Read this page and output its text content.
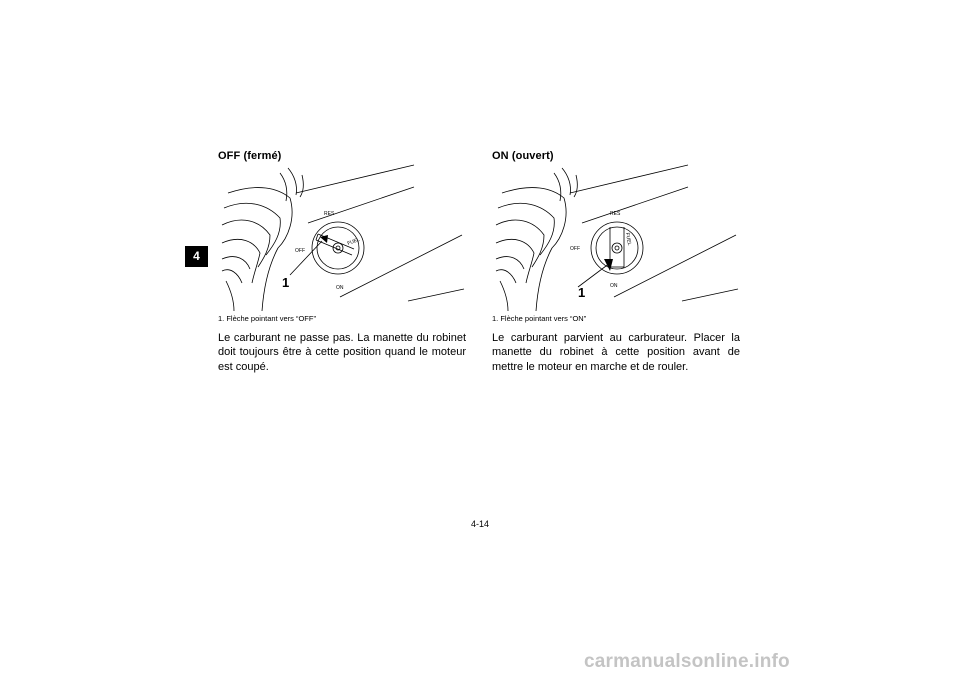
4
OFF (fermé)
RES
OFF
ON
FUEL
1
1. Flèche pointant vers “OFF”
Le carburant ne passe pas. La manette du robinet doit toujours être à cette position quand le moteur est coupé.
ON (ouvert)
RES
OFF
ON
FUEL
1
1. Flèche pointant vers “ON”
Le carburant parvient au carburateur. Placer la manette du robinet à cette position avant de mettre le moteur en marche et de rouler.
4-14
carmanualsonline.info
